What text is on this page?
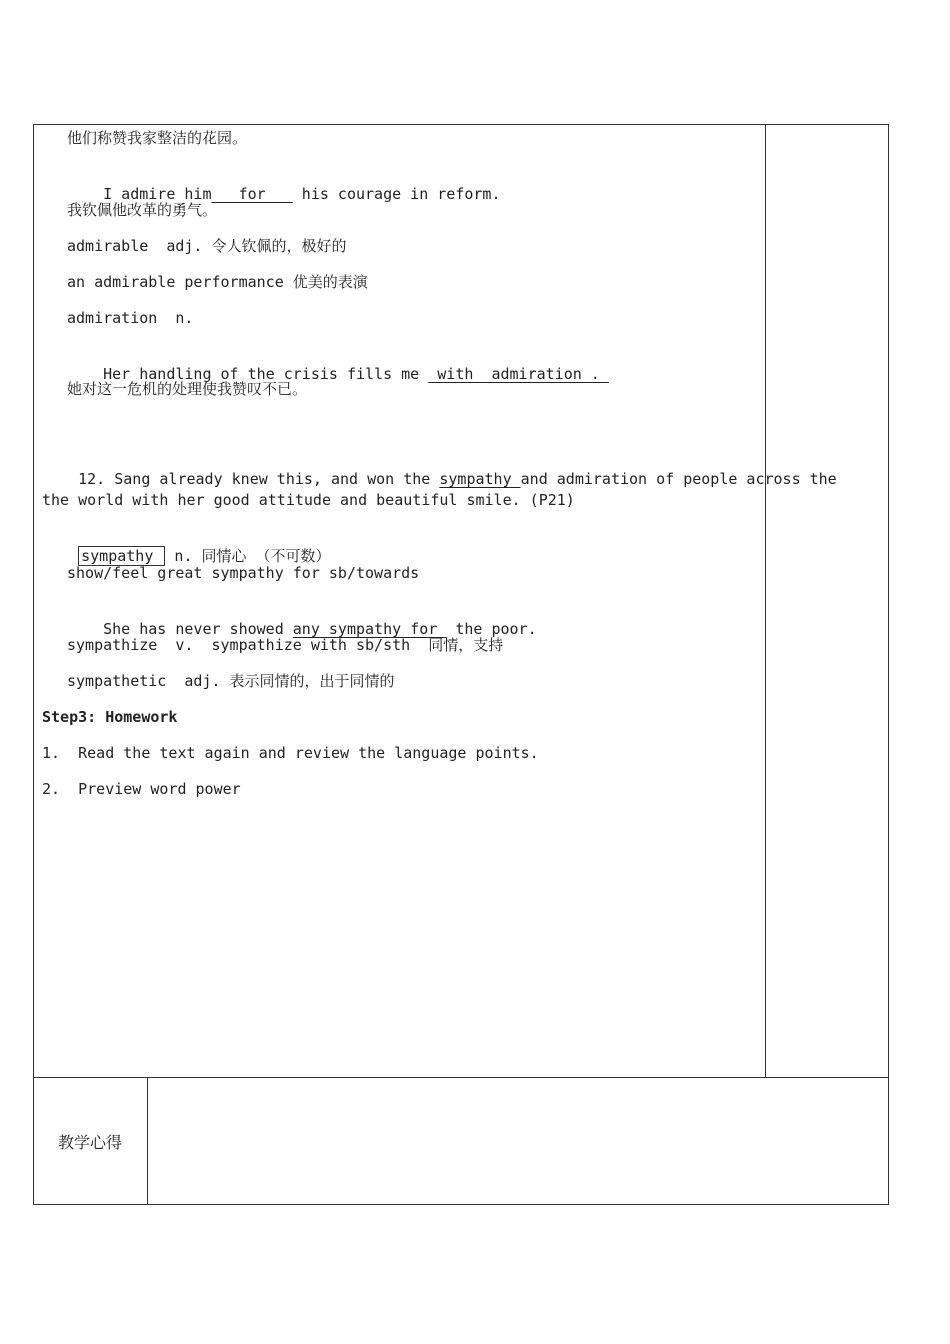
他们称赞我家整洁的花园。

I admire him   for    his courage in reform.

我钦佩他改革的勇气。
admirable  adj. 令人钦佩的，极好的
an admirable performance 优美的表演
admiration  n.

Her handling of the crisis fills me  with  admiration .

她对这一危机的处理使我赞叹不已。

12. Sang already knew this, and won the sympathy and admiration of people across the

the world with her good attitude and beautiful smile. (P21)

sympathy  n. 同情心 （不可数）

show/feel great sympathy for sb/towards

She has never showed any sympathy for  the poor.

sympathize  v.  sympathize with sb/sth  同情，支持
sympathetic  adj. 表示同情的，出于同情的
Step3: Homework
1.  Read the text again and review the language points.
2.  Preview word power
教学心得
